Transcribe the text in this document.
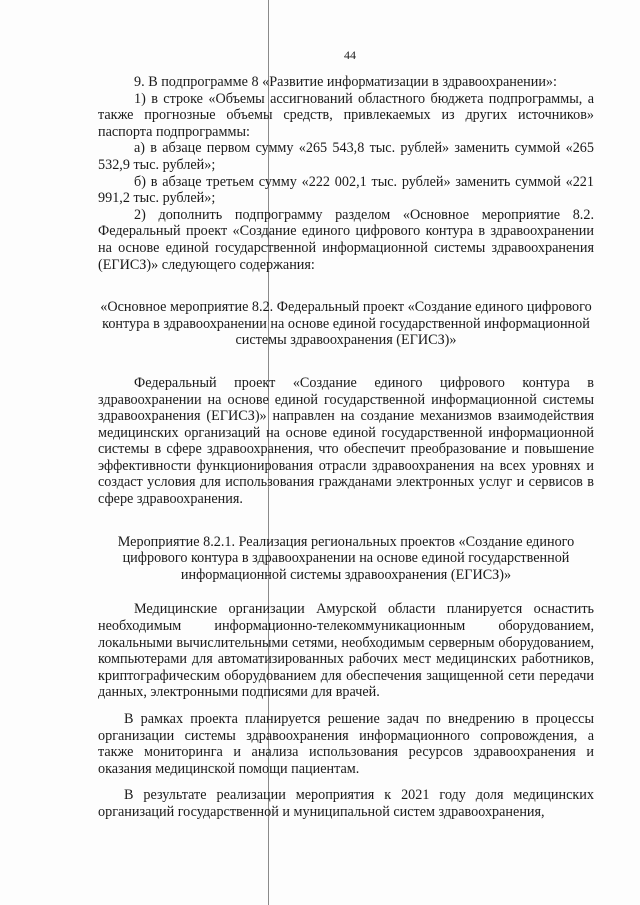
44

9. В подпрограмме 8 «Развитие информатизации в здравоохранении»:

1) в строке «Объемы ассигнований областного бюджета подпрограммы, а также прогнозные объемы средств, привлекаемых из других источников» паспорта подпрограммы:

а) в абзаце первом сумму «265 543,8 тыс. рублей» заменить суммой «265 532,9 тыс. рублей»;

б) в абзаце третьем сумму «222 002,1 тыс. рублей» заменить суммой «221 991,2 тыс. рублей»;

2) дополнить подпрограмму разделом «Основное мероприятие 8.2. Федеральный проект «Создание единого цифрового контура в здравоохранении на основе единой государственной информационной системы здравоохранения (ЕГИСЗ)» следующего содержания:

«Основное мероприятие 8.2. Федеральный проект «Создание единого цифрового контура в здравоохранении на основе единой государственной информационной системы здравоохранения (ЕГИСЗ)»

Федеральный проект «Создание единого цифрового контура в здравоохранении на основе единой государственной информационной системы здравоохранения (ЕГИСЗ)» направлен на создание механизмов взаимодействия медицинских организаций на основе единой государственной информационной системы в сфере здравоохранения, что обеспечит преобразование и повышение эффективности функционирования отрасли здравоохранения на всех уровнях и создаст условия для использования гражданами электронных услуг и сервисов в сфере здравоохранения.

Мероприятие 8.2.1. Реализация региональных проектов «Создание единого цифрового контура в здравоохранении на основе единой государственной информационной системы здравоохранения (ЕГИСЗ)»

Медицинские организации Амурской области планируется оснастить необходимым информационно-телекоммуникационным оборудованием, локальными вычислительными сетями, необходимым серверным оборудованием, компьютерами для автоматизированных рабочих мест медицинских работников, криптографическим оборудованием для обеспечения защищенной сети передачи данных, электронными подписями для врачей.

В рамках проекта планируется решение задач по внедрению в процессы организации системы здравоохранения информационного сопровождения, а также мониторинга и анализа использования ресурсов здравоохранения и оказания медицинской помощи пациентам.

В результате реализации мероприятия к 2021 году доля медицинских организаций государственной и муниципальной систем здравоохранения,
